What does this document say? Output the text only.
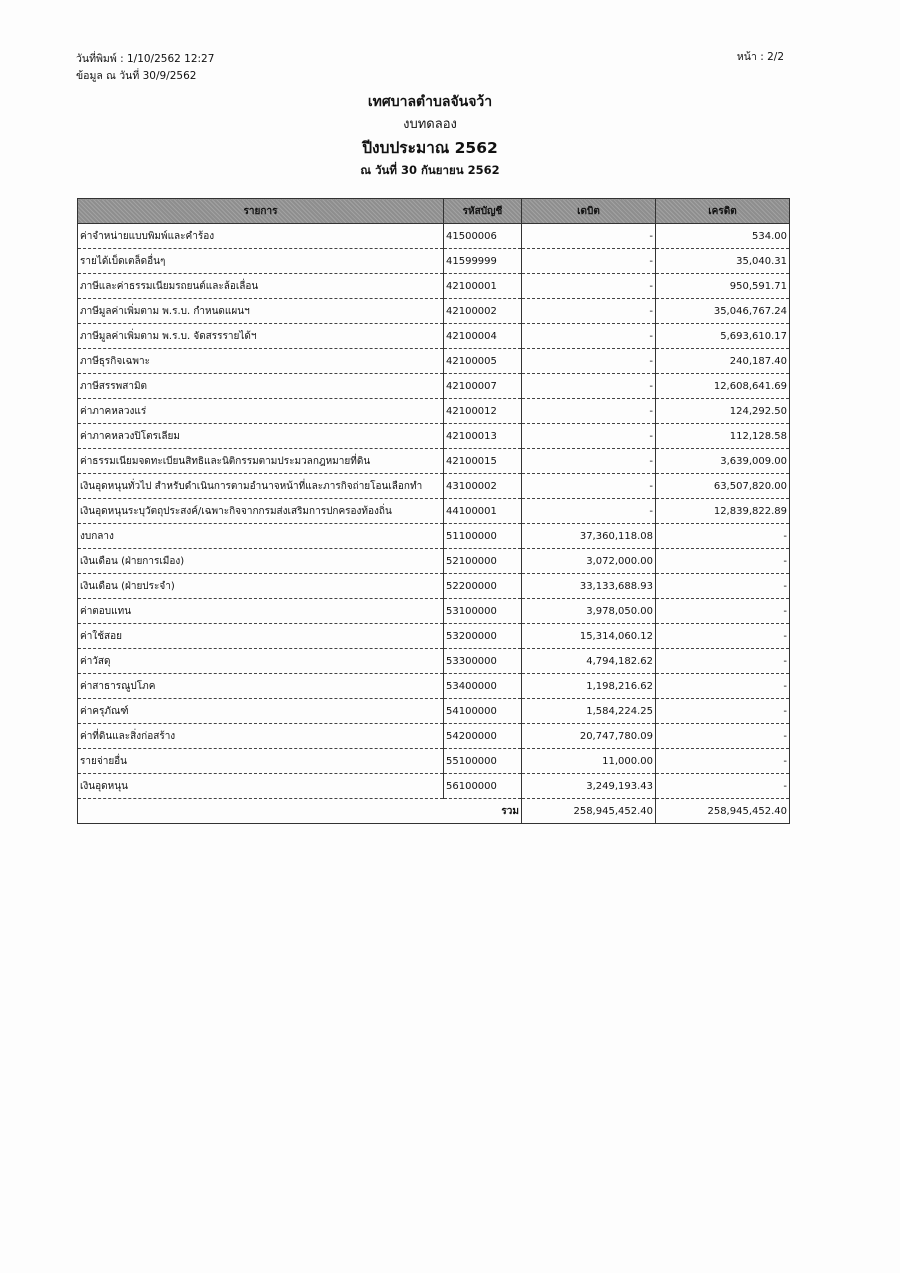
วันที่พิมพ์ : 1/10/2562 12:27
ข้อมูล ณ วันที่ 30/9/2562
หน้า : 2/2
เทศบาลตำบลจันจว้า
งบทดลอง
ปีงบประมาณ 2562
ณ วันที่ 30 กันยายน 2562
รายการ	รหัสบัญชี	เดบิต	เครดิต
ค่าจำหน่ายแบบพิมพ์และคำร้อง	41500006	-	534.00
รายได้เบ็ดเตล็ดอื่นๆ	41599999	-	35,040.31
ภาษีและค่าธรรมเนียมรถยนต์และล้อเลื่อน	42100001	-	950,591.71
ภาษีมูลค่าเพิ่มตาม พ.ร.บ. กำหนดแผนฯ	42100002	-	35,046,767.24
ภาษีมูลค่าเพิ่มตาม พ.ร.บ. จัดสรรรายได้ฯ	42100004	-	5,693,610.17
ภาษีธุรกิจเฉพาะ	42100005	-	240,187.40
ภาษีสรรพสามิต	42100007	-	12,608,641.69
ค่าภาคหลวงแร่	42100012	-	124,292.50
ค่าภาคหลวงปิโตรเลียม	42100013	-	112,128.58
ค่าธรรมเนียมจดทะเบียนสิทธิและนิติกรรมตามประมวลกฎหมายที่ดิน	42100015	-	3,639,009.00
เงินอุดหนุนทั่วไป สำหรับดำเนินการตามอำนาจหน้าที่และภารกิจถ่ายโอนเลือกทำ	43100002	-	63,507,820.00
เงินอุดหนุนระบุวัตถุประสงค์/เฉพาะกิจจากกรมส่งเสริมการปกครองท้องถิ่น	44100001	-	12,839,822.89
งบกลาง	51100000	37,360,118.08	-
เงินเดือน (ฝ่ายการเมือง)	52100000	3,072,000.00	-
เงินเดือน (ฝ่ายประจำ)	52200000	33,133,688.93	-
ค่าตอบแทน	53100000	3,978,050.00	-
ค่าใช้สอย	53200000	15,314,060.12	-
ค่าวัสดุ	53300000	4,794,182.62	-
ค่าสาธารณูปโภค	53400000	1,198,216.62	-
ค่าครุภัณฑ์	54100000	1,584,224.25	-
ค่าที่ดินและสิ่งก่อสร้าง	54200000	20,747,780.09	-
รายจ่ายอื่น	55100000	11,000.00	-
เงินอุดหนุน	56100000	3,249,193.43	-
รวม		258,945,452.40	258,945,452.40
